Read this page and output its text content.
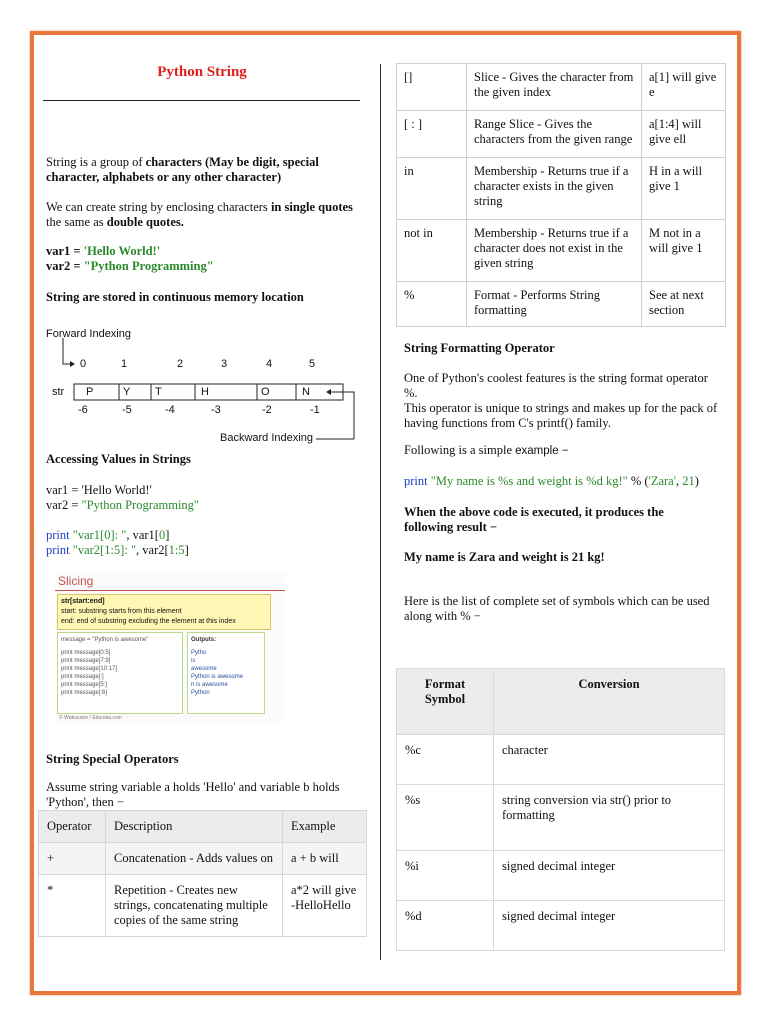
Python String
String is a group of characters (May be digit, special character, alphabets or any other character)
We can create string by enclosing characters in single quotes the same as double quotes.
var1 = 'Hello World!'
var2 = "Python Programming"
String are stored in continuous memory location
Forward Indexing
str
0	1	2	3	4	5
P	Y T	H	O	N
-6	-5	-4	-3	-2	-1
Backward Indexing
Accessing Values in Strings
var1 = 'Hello World!'
var2 = "Python Programming"
print "var1[0]: ", var1[0]
print "var2[1:5]: ", var2[1:5]
Slicing
str[start:end]
start: substring starts from this element
end: end of substring excluding the element at this index
message = "Python is awesome"
print message[0:5]
print message[7:9]
print message[10:17]
print message[:]
print message[5:]
print message[:6]
Outputs:
Pytho
is
awesome
Python is awesome
n is awesome
Python
© Webucator / Edureka.com
String Special Operators
Assume string variable a holds 'Hello' and variable b holds 'Python', then −
Operator	Description	Example
+	Concatenation - Adds values on	a + b will
*	Repetition - Creates new strings, concatenating multiple copies of the same string	a*2 will give -HelloHello
[]	Slice - Gives the character from the given index	a[1] will give e
[ : ]	Range Slice - Gives the characters from the given range	a[1:4] will give ell
in	Membership - Returns true if a character exists in the given string	H in a will give 1
not in	Membership - Returns true if a character does not exist in the given string	M not in a will give 1
%	Format - Performs String formatting	See at next section
String Formatting Operator
One of Python's coolest features is the string format operator %.
This operator is unique to strings and makes up for the pack of having functions from C's printf() family.
Following is a simple example −
print "My name is %s and weight is %d kg!" % ('Zara', 21)
When the above code is executed, it produces the following result −
My name is Zara and weight is 21 kg!
Here is the list of complete set of symbols which can be used along with % −
Format Symbol	Conversion
%c	character
%s	string conversion via str() prior to formatting
%i	signed decimal integer
%d	signed decimal integer
